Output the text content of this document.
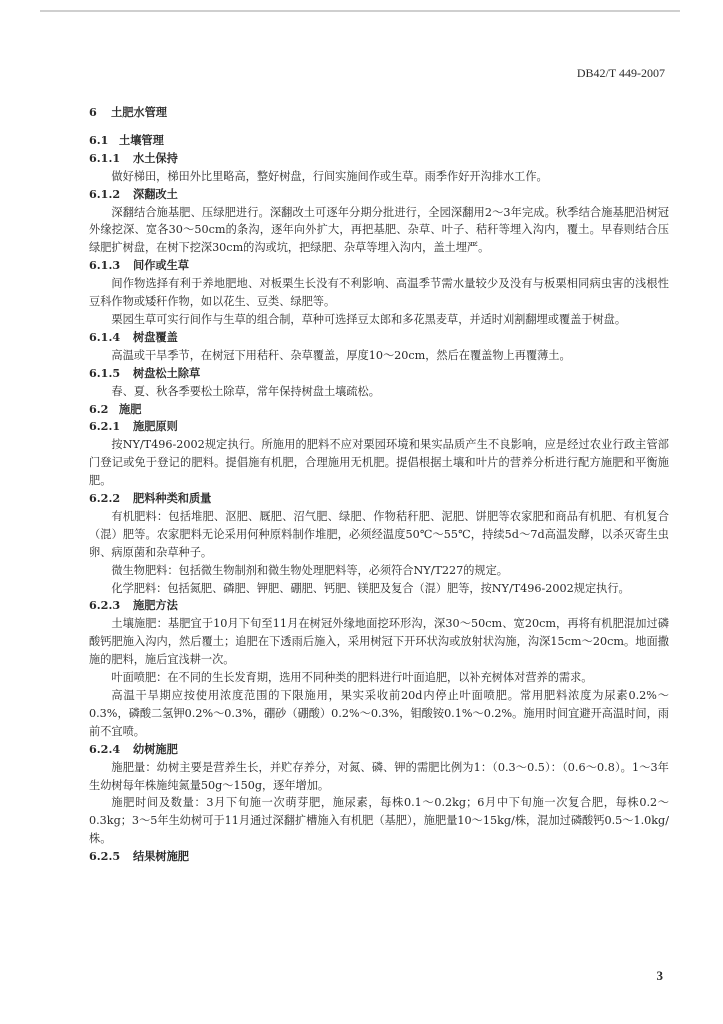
DB42/T 449-2007
6 土肥水管理
6.1 土壤管理
6.1.1 水土保持

做好梯田，梯田外比里略高，整好树盘，行间实施间作或生草。雨季作好开沟排水工作。

6.1.2 深翻改土

深翻结合施基肥、压绿肥进行。深翻改土可逐年分期分批进行，全园深翻用2～3年完成。秋季结合施基肥沿树冠外缘挖深、宽各30～50cm的条沟，逐年向外扩大，再把基肥、杂草、叶子、秸秆等埋入沟内，覆土。早春则结合压绿肥扩树盘，在树下挖深30cm的沟或坑，把绿肥、杂草等埋入沟内，盖土埋严。

6.1.3 间作或生草

间作物选择有利于养地肥地、对板栗生长没有不利影响、高温季节需水量较少及没有与板栗相同病虫害的浅根性豆科作物或矮秆作物，如以花生、豆类、绿肥等。

栗园生草可实行间作与生草的组合制，草种可选择豆太郎和多花黑麦草，并适时刈割翻埋或覆盖于树盘。

6.1.4 树盘覆盖

高温或干旱季节，在树冠下用秸秆、杂草覆盖，厚度10～20cm，然后在覆盖物上再覆薄土。

6.1.5 树盘松土除草

春、夏、秋各季要松土除草，常年保持树盘土壤疏松。

6.2 施肥
6.2.1 施肥原则

按NY/T496-2002规定执行。所施用的肥料不应对栗园环境和果实品质产生不良影响，应是经过农业行政主管部门登记或免于登记的肥料。提倡施有机肥，合理施用无机肥。提倡根据土壤和叶片的营养分析进行配方施肥和平衡施肥。

6.2.2 肥料种类和质量

有机肥料：包括堆肥、沤肥、厩肥、沼气肥、绿肥、作物秸秆肥、泥肥、饼肥等农家肥和商品有机肥、有机复合（混）肥等。农家肥料无论采用何种原料制作堆肥，必须经温度50℃～55℃，持续5d～7d高温发酵，以杀灭寄生虫卵、病原菌和杂草种子。

微生物肥料：包括微生物制剂和微生物处理肥料等，必须符合NY/T227的规定。

化学肥料：包括氮肥、磷肥、钾肥、硼肥、钙肥、镁肥及复合（混）肥等，按NY/T496-2002规定执行。

6.2.3 施肥方法

土壤施肥：基肥宜于10月下旬至11月在树冠外缘地面挖环形沟，深30～50cm、宽20cm，再将有机肥混加过磷酸钙肥施入沟内，然后覆土；追肥在下透雨后施入，采用树冠下开环状沟或放射状沟施，沟深15cm～20cm。地面撒施的肥料，施后宜浅耕一次。

叶面喷肥：在不同的生长发育期，选用不同种类的肥料进行叶面追肥，以补充树体对营养的需求。

高温干旱期应按使用浓度范围的下限施用，果实采收前20d内停止叶面喷肥。常用肥料浓度为尿素0.2%～0.3%，磷酸二氢钾0.2%～0.3%，硼砂（硼酸）0.2%～0.3%，钼酸铵0.1%～0.2%。施用时间宜避开高温时间，雨前不宜喷。

6.2.4 幼树施肥

施肥量：幼树主要是营养生长，并贮存养分，对氮、磷、钾的需肥比例为1：（0.3～0.5）：（0.6～0.8）。1～3年生幼树每年株施纯氮量50g～150g，逐年增加。

施肥时间及数量：3月下旬施一次萌芽肥，施尿素，每株0.1～0.2kg；6月中下旬施一次复合肥，每株0.2～0.3kg；3～5年生幼树可于11月通过深翻扩槽施入有机肥（基肥），施肥量10～15kg/株，混加过磷酸钙0.5～1.0kg/株。

6.2.5 结果树施肥
3
